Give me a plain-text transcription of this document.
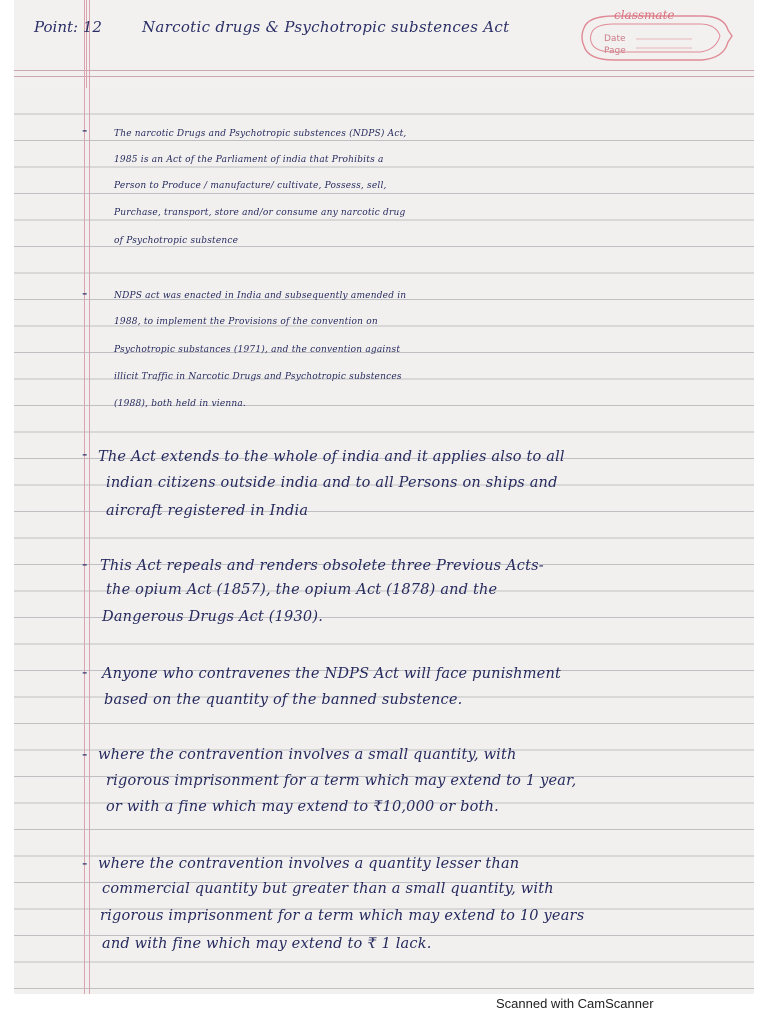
Point: 12	Narcotic drugs & Psychotropic substences Act
classmate
Date
Page
-	The narcotic Drugs and Psychotropic substences (NDPS) Act,
1985 is an Act of the Parliament of india that Prohibits a
Person to Produce / manufacture/ cultivate, Possess, sell,
Purchase, transport, store and/or consume any narcotic drug
of Psychotropic substence
-	NDPS act was enacted in India and subsequently amended in
1988, to implement the Provisions of the convention on
Psychotropic substances (1971), and the convention against
illicit Traffic in Narcotic Drugs and Psychotropic substences
(1988), both held in vienna.
- The Act extends to the whole of india and it applies also to all
indian citizens outside india and to all Persons on ships and
aircraft registered in India
- This Act repeals and renders obsolete three Previous Acts-
the opium Act (1857), the opium Act (1878) and the
Dangerous Drugs Act (1930).
- Anyone who contravenes the NDPS Act will face punishment
based on the quantity of the banned substence.
- where the contravention involves a small quantity, with
rigorous imprisonment for a term which may extend to 1 year,
or with a fine which may extend to ₹10,000 or both.
- where the contravention involves a quantity lesser than
commercial quantity but greater than a small quantity, with
rigorous imprisonment for a term which may extend to 10 years
and with fine which may extend to ₹ 1 lack.
Scanned with CamScanner
